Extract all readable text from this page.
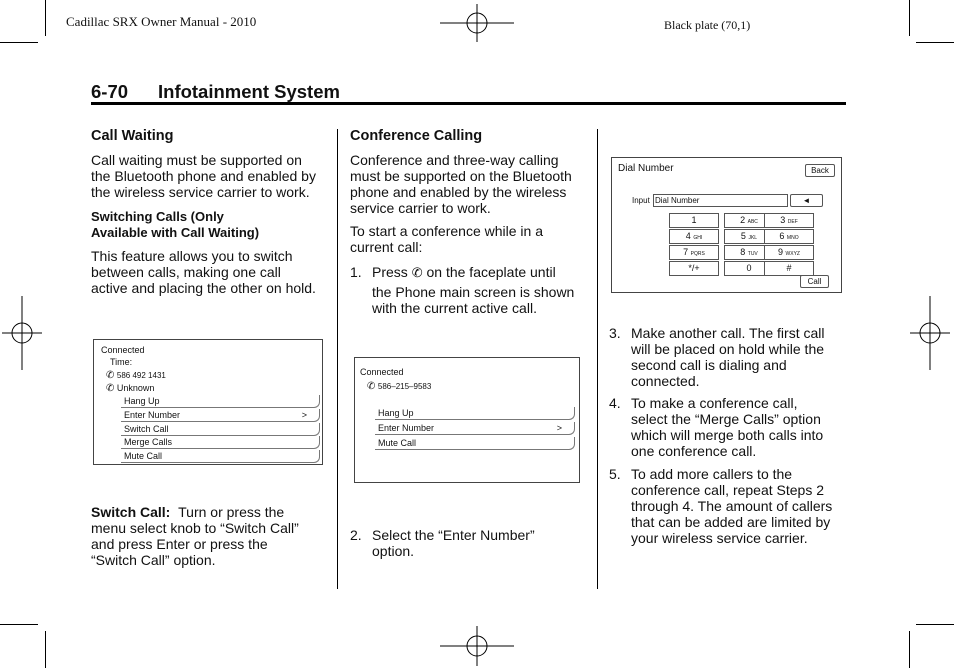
Cadillac SRX Owner Manual - 2010	Black plate (70,1)
6-70 Infotainment System
Call Waiting
Call waiting must be supported on
the Bluetooth phone and enabled by
the wireless service carrier to work.
Switching Calls (Only
Available with Call Waiting)
This feature allows you to switch
between calls, making one call
active and placing the other on hold.
Connected
Time:
✆ 586 492 1431
✆ Unknown
Hang Up
Enter Number	>
Switch Call
Merge Calls
Mute Call
Switch Call: Turn or press the
menu select knob to “Switch Call”
and press Enter or press the
“Switch Call” option.
Conference Calling
Conference and three-way calling
must be supported on the Bluetooth
phone and enabled by the wireless
service carrier to work.
To start a conference while in a
current call:
1. Press ✆ on the faceplate until
the Phone main screen is shown
with the current active call.
Connected
✆ 586–215–9583
Hang Up
Enter Number	>
Mute Call
2. Select the “Enter Number”
option.
Dial Number	Back
Input Dial Number	◄
1	2 ABC	3 DEF
4 GHI	5 JKL	6 MNO
7 PQRS	8 TUV	9 WXYZ
*/+	0	#
Call
3. Make another call. The first call
will be placed on hold while the
second call is dialing and
connected.
4. To make a conference call,
select the “Merge Calls” option
which will merge both calls into
one conference call.
5. To add more callers to the
conference call, repeat Steps 2
through 4. The amount of callers
that can be added are limited by
your wireless service carrier.
